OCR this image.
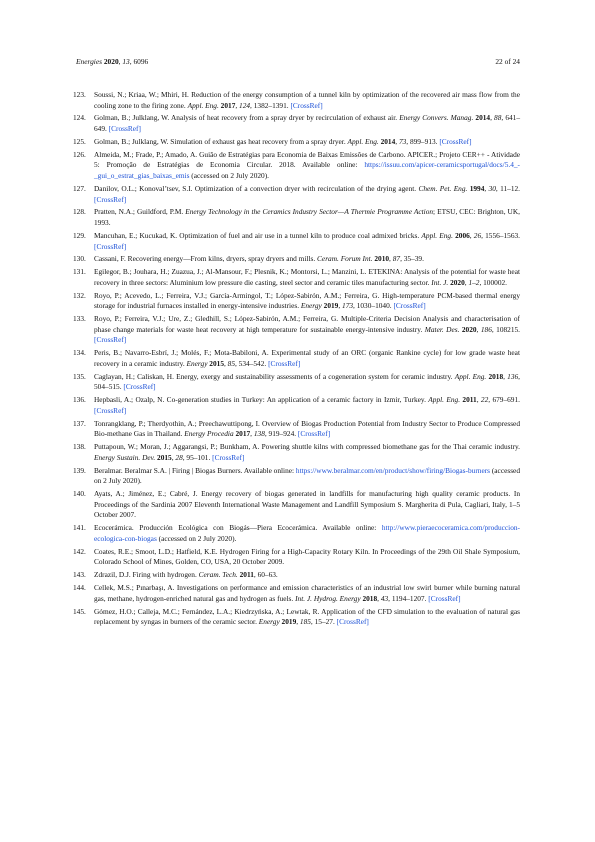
Energies 2020, 13, 6096	22 of 24
123. Soussi, N.; Kriaa, W.; Mhiri, H. Reduction of the energy consumption of a tunnel kiln by optimization of the recovered air mass flow from the cooling zone to the firing zone. Appl. Eng. 2017, 124, 1382–1391. [CrossRef]
124. Golman, B.; Julklang, W. Analysis of heat recovery from a spray dryer by recirculation of exhaust air. Energy Convers. Manag. 2014, 88, 641–649. [CrossRef]
125. Golman, B.; Julklang, W. Simulation of exhaust gas heat recovery from a spray dryer. Appl. Eng. 2014, 73, 899–913. [CrossRef]
126. Almeida, M.; Frade, P.; Amado, A. Guião de Estratégias para Economia de Baixas Emissões de Carbono. APICER.; Projeto CER++ - Atividade 5: Promoção de Estratégias de Economia Circular. 2018. Available online: https://issuu.com/apicer-ceramicsportugal/docs/5.4_-_gui_o_estrat_gias_baixas_emis (accessed on 2 July 2020).
127. Danilov, O.L.; Konoval’tsev, S.I. Optimization of a convection dryer with recirculation of the drying agent. Chem. Pet. Eng. 1994, 30, 11–12. [CrossRef]
128. Pratten, N.A.; Guildford, P.M. Energy Technology in the Ceramics Industry Sector—A Thermie Programme Action; ETSU, CEC: Brighton, UK, 1993.
129. Mancuhan, E.; Kucukad, K. Optimization of fuel and air use in a tunnel kiln to produce coal admixed bricks. Appl. Eng. 2006, 26, 1556–1563. [CrossRef]
130. Cassani, F. Recovering energy—From kilns, dryers, spray dryers and mills. Ceram. Forum Int. 2010, 87, 35–39.
131. Egilegor, B.; Jouhara, H.; Zuazua, J.; Al-Mansour, F.; Plesnik, K.; Montorsi, L.; Manzini, L. ETEKINA: Analysis of the potential for waste heat recovery in three sectors: Aluminium low pressure die casting, steel sector and ceramic tiles manufacturing sector. Int. J. 2020, 1–2, 100002.
132. Royo, P.; Acevedo, L.; Ferreira, V.J.; García-Armingol, T.; López-Sabirón, A.M.; Ferreira, G. High-temperature PCM-based thermal energy storage for industrial furnaces installed in energy-intensive industries. Energy 2019, 173, 1030–1040. [CrossRef]
133. Royo, P.; Ferreira, V.J.; Ure, Z.; Gledhill, S.; López-Sabirón, A.M.; Ferreira, G. Multiple-Criteria Decision Analysis and characterisation of phase change materials for waste heat recovery at high temperature for sustainable energy-intensive industry. Mater. Des. 2020, 186, 108215. [CrossRef]
134. Peris, B.; Navarro-Esbrí, J.; Molés, F.; Mota-Babiloni, A. Experimental study of an ORC (organic Rankine cycle) for low grade waste heat recovery in a ceramic industry. Energy 2015, 85, 534–542. [CrossRef]
135. Caglayan, H.; Caliskan, H. Energy, exergy and sustainability assessments of a cogeneration system for ceramic industry. Appl. Eng. 2018, 136, 504–515. [CrossRef]
136. Hepbasli, A.; Ozalp, N. Co-generation studies in Turkey: An application of a ceramic factory in Izmir, Turkey. Appl. Eng. 2011, 22, 679–691. [CrossRef]
137. Tonrangklang, P.; Therdyothin, A.; Preechawuttipong, I. Overview of Biogas Production Potential from Industry Sector to Produce Compressed Bio-methane Gas in Thailand. Energy Procedia 2017, 138, 919–924. [CrossRef]
138. Puttapoun, W.; Moran, J.; Aggarangsi, P.; Bunkham, A. Powering shuttle kilns with compressed biomethane gas for the Thai ceramic industry. Energy Sustain. Dev. 2015, 28, 95–101. [CrossRef]
139. Beralmar. Beralmar S.A. | Firing | Biogas Burners. Available online: https://www.beralmar.com/en/product/show/firing/Biogas-burners (accessed on 2 July 2020).
140. Ayats, A.; Jiménez, E.; Cabré, J. Energy recovery of biogas generated in landfills for manufacturing high quality ceramic products. In Proceedings of the Sardinia 2007 Eleventh International Waste Management and Landfill Symposium S. Margherita di Pula, Cagliari, Italy, 1–5 October 2007.
141. Ecocerámica. Producción Ecológica con Biogás—Piera Ecocerámica. Available online: http://www.pieraecoceramica.com/produccion-ecologica-con-biogas (accessed on 2 July 2020).
142. Coates, R.E.; Smoot, L.D.; Hatfield, K.E. Hydrogen Firing for a High-Capacity Rotary Kiln. In Proceedings of the 29th Oil Shale Symposium, Colorado School of Mines, Golden, CO, USA, 20 October 2009.
143. Zdrazil, D.J. Firing with hydrogen. Ceram. Tech. 2011, 60–63.
144. Cellek, M.S.; Pınarbaşı, A. Investigations on performance and emission characteristics of an industrial low swirl burner while burning natural gas, methane, hydrogen-enriched natural gas and hydrogen as fuels. Int. J. Hydrog. Energy 2018, 43, 1194–1207. [CrossRef]
145. Gómez, H.O.; Calleja, M.C.; Fernández, L.A.; Kiedrzyńska, A.; Lewtak, R. Application of the CFD simulation to the evaluation of natural gas replacement by syngas in burners of the ceramic sector. Energy 2019, 185, 15–27. [CrossRef]
